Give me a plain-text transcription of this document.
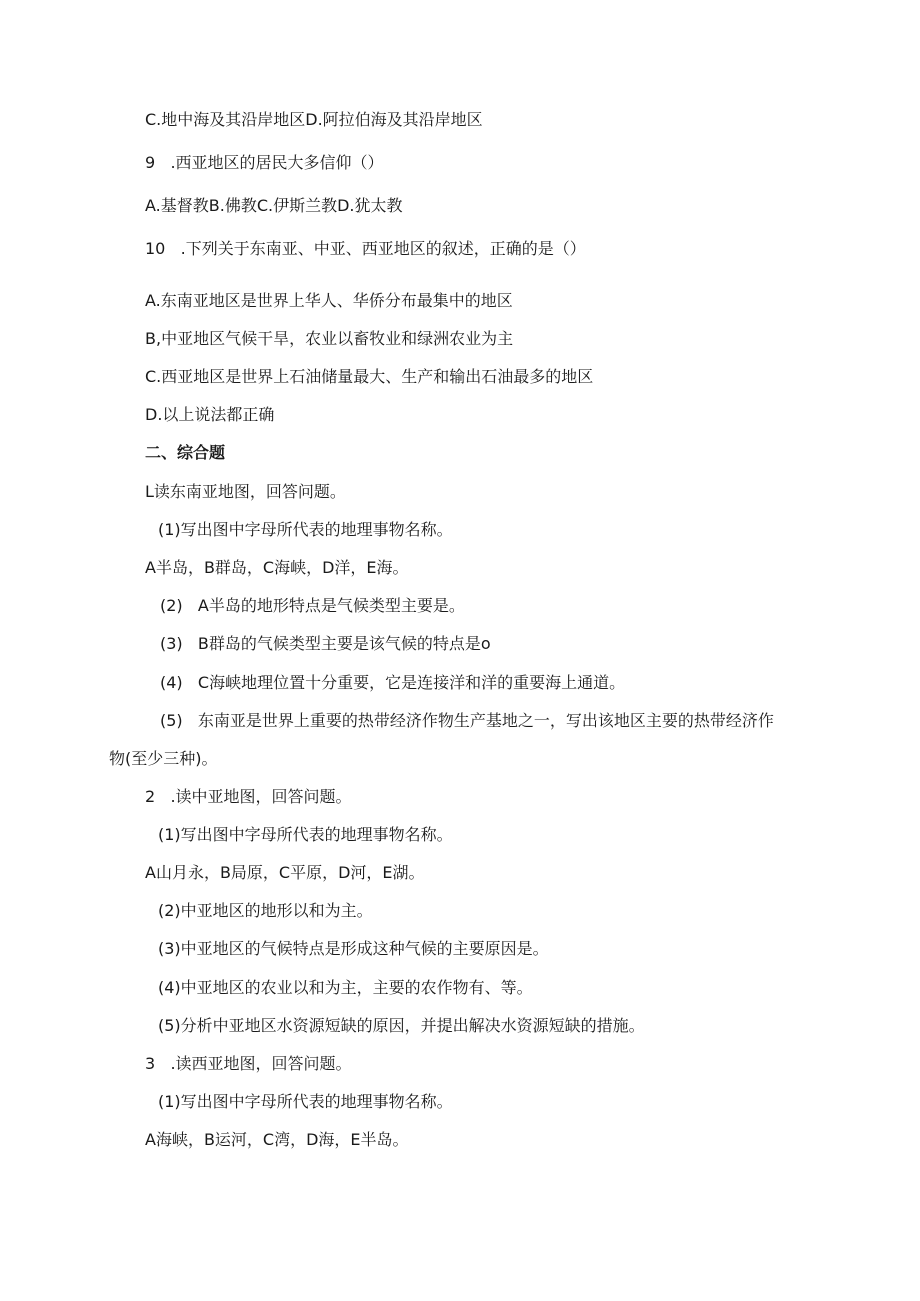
C.地中海及其沿岸地区D.阿拉伯海及其沿岸地区
9   .西亚地区的居民大多信仰（）
A.基督教B.佛教C.伊斯兰教D.犹太教
10   .下列关于东南亚、中亚、西亚地区的叙述，正确的是（）
A.东南亚地区是世界上华人、华侨分布最集中的地区
B,中亚地区气候干旱，农业以畜牧业和绿洲农业为主
C.西亚地区是世界上石油储量最大、生产和输出石油最多的地区
D.以上说法都正确
二、综合题
L读东南亚地图，回答问题。
(1)写出图中字母所代表的地理事物名称。
A半岛，B群岛，C海峡，D洋，E海。
(2)   A半岛的地形特点是气候类型主要是。
(3)   B群岛的气候类型主要是该气候的特点是o
(4)   C海峡地理位置十分重要，它是连接洋和洋的重要海上通道。
(5)   东南亚是世界上重要的热带经济作物生产基地之一，写出该地区主要的热带经济作
物(至少三种)。
2   .读中亚地图，回答问题。
(1)写出图中字母所代表的地理事物名称。
A山月永，B局原，C平原，D河，E湖。
(2)中亚地区的地形以和为主。
(3)中亚地区的气候特点是形成这种气候的主要原因是。
(4)中亚地区的农业以和为主，主要的农作物有、等。
(5)分析中亚地区水资源短缺的原因，并提出解决水资源短缺的措施。
3   .读西亚地图，回答问题。
(1)写出图中字母所代表的地理事物名称。
A海峡，B运河，C湾，D海，E半岛。
